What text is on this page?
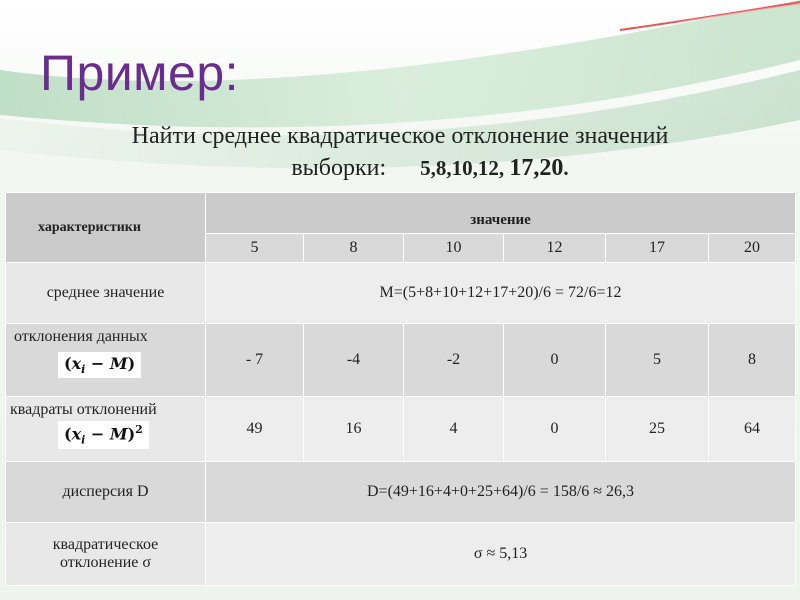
Пример:
Найти среднее квадратическое отклонение значений
выборки: 5,8,10,12, 17,20.
характеристики	значение					
	5	8	10	12	17	20
среднее значение	M=(5+8+10+12+17+20)/6 = 72/6=12					

отклонения данных
$(x_i - M)$	- 7	-4	-2	0	5	8

квадраты отклонений
$(x_i - M)^2$	49	16	4	0	25	64
дисперсия D	D=(49+16+4+0+25+64)/6 = 158/6 ≈ 26,3					

квадратическое
отклонение σ	σ ≈ 5,13					
